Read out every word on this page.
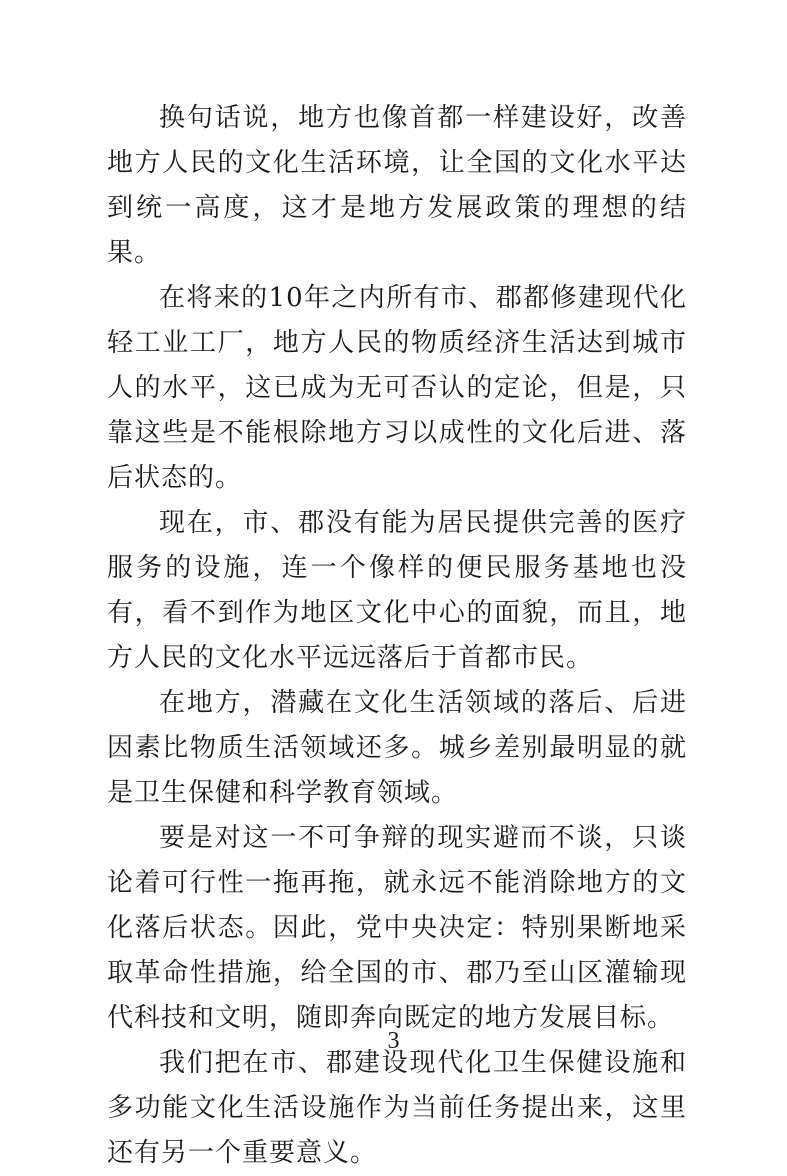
换句话说，地方也像首都一样建设好，改善地方人民的文化生活环境，让全国的文化水平达到统一高度，这才是地方发展政策的理想的结果。

在将来的10年之内所有市、郡都修建现代化轻工业工厂，地方人民的物质经济生活达到城市人的水平，这已成为无可否认的定论，但是，只靠这些是不能根除地方习以成性的文化后进、落后状态的。

现在，市、郡没有能为居民提供完善的医疗服务的设施，连一个像样的便民服务基地也没有，看不到作为地区文化中心的面貌，而且，地方人民的文化水平远远落后于首都市民。

在地方，潜藏在文化生活领域的落后、后进因素比物质生活领域还多。城乡差别最明显的就是卫生保健和科学教育领域。

要是对这一不可争辩的现实避而不谈，只谈论着可行性一拖再拖，就永远不能消除地方的文化落后状态。因此，党中央决定：特别果断地采取革命性措施，给全国的市、郡乃至山区灌输现代科技和文明，随即奔向既定的地方发展目标。

我们把在市、郡建设现代化卫生保健设施和多功能文化生活设施作为当前任务提出来，这里还有另一个重要意义。

3
